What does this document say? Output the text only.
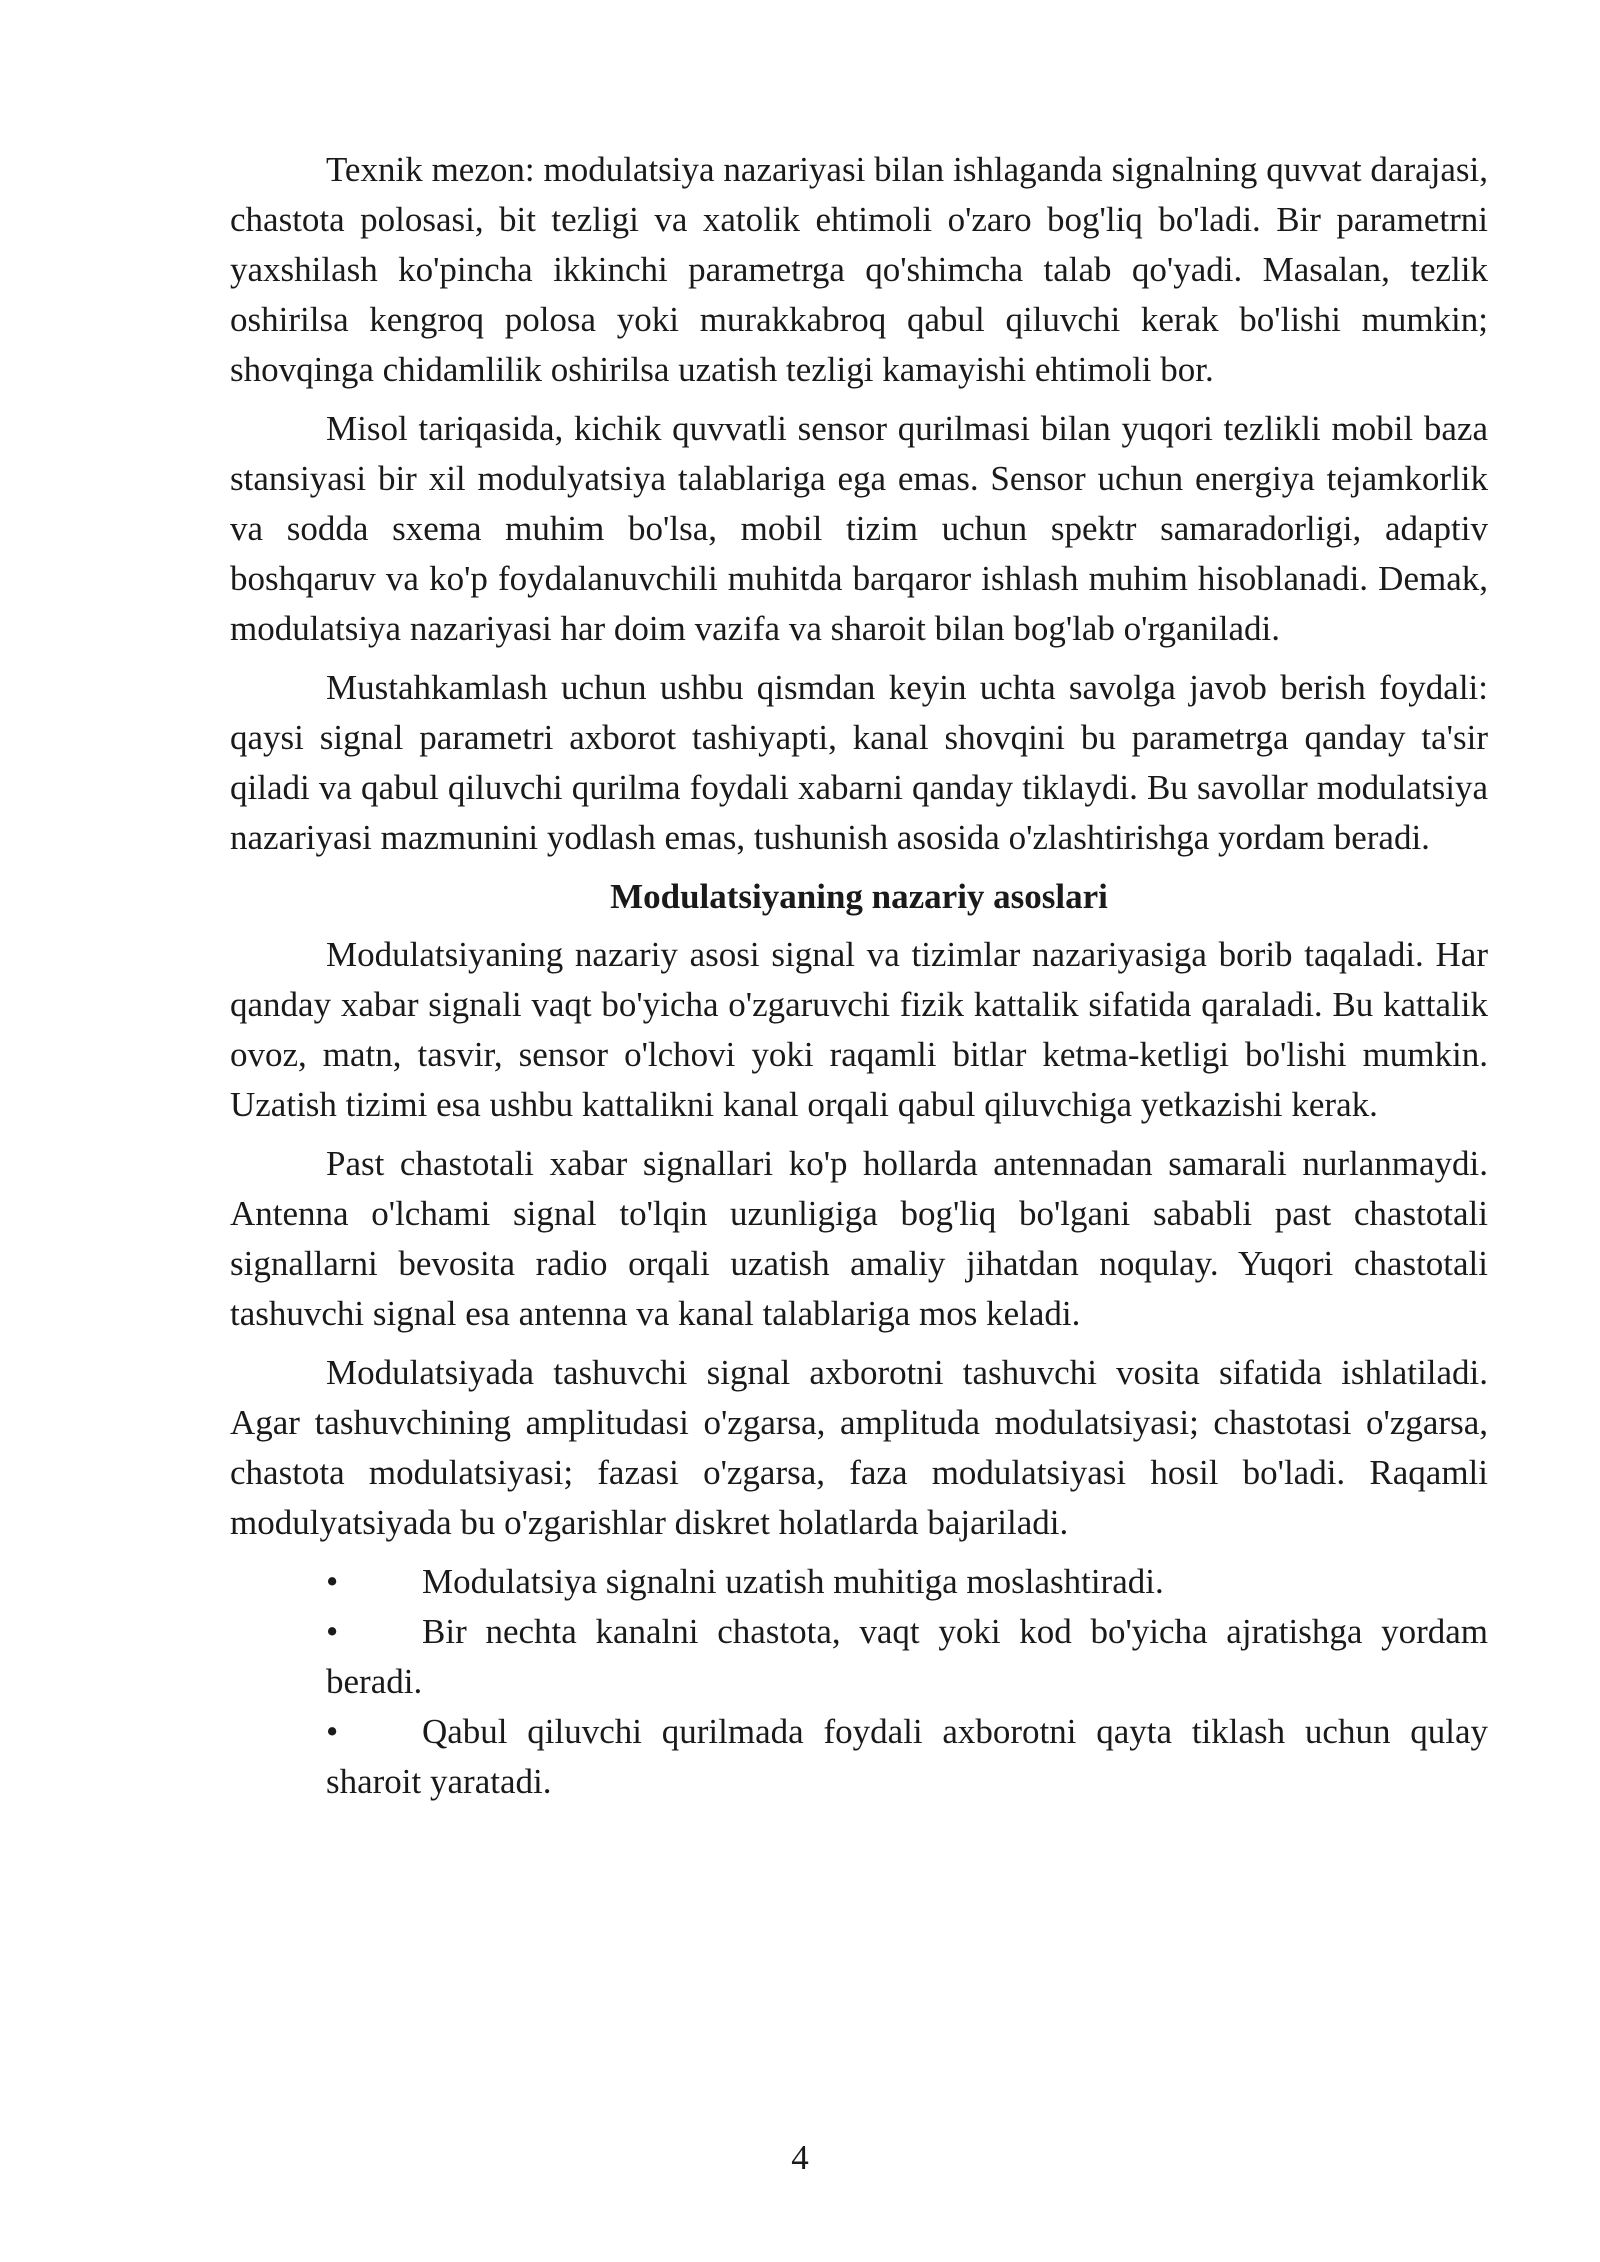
Texnik mezon: modulatsiya nazariyasi bilan ishlaganda signalning quvvat darajasi, chastota polosasi, bit tezligi va xatolik ehtimoli o'zaro bog'liq bo'ladi. Bir parametrni yaxshilash ko'pincha ikkinchi parametrga qo'shimcha talab qo'yadi. Masalan, tezlik oshirilsa kengroq polosa yoki murakkabroq qabul qiluvchi kerak bo'lishi mumkin; shovqinga chidamlilik oshirilsa uzatish tezligi kamayishi ehtimoli bor.

Misol tariqasida, kichik quvvatli sensor qurilmasi bilan yuqori tezlikli mobil baza stansiyasi bir xil modulyatsiya talablariga ega emas. Sensor uchun energiya tejamkorlik va sodda sxema muhim bo'lsa, mobil tizim uchun spektr samaradorligi, adaptiv boshqaruv va ko'p foydalanuvchili muhitda barqaror ishlash muhim hisoblanadi. Demak, modulatsiya nazariyasi har doim vazifa va sharoit bilan bog'lab o'rganiladi.

Mustahkamlash uchun ushbu qismdan keyin uchta savolga javob berish foydali: qaysi signal parametri axborot tashiyapti, kanal shovqini bu parametrga qanday ta'sir qiladi va qabul qiluvchi qurilma foydali xabarni qanday tiklaydi. Bu savollar modulatsiya nazariyasi mazmunini yodlash emas, tushunish asosida o'zlashtirishga yordam beradi.

Modulatsiyaning nazariy asoslari

Modulatsiyaning nazariy asosi signal va tizimlar nazariyasiga borib taqaladi. Har qanday xabar signali vaqt bo'yicha o'zgaruvchi fizik kattalik sifatida qaraladi. Bu kattalik ovoz, matn, tasvir, sensor o'lchovi yoki raqamli bitlar ketma-ketligi bo'lishi mumkin. Uzatish tizimi esa ushbu kattalikni kanal orqali qabul qiluvchiga yetkazishi kerak.

Past chastotali xabar signallari ko'p hollarda antennadan samarali nurlanmaydi. Antenna o'lchami signal to'lqin uzunligiga bog'liq bo'lgani sababli past chastotali signallarni bevosita radio orqali uzatish amaliy jihatdan noqulay. Yuqori chastotali tashuvchi signal esa antenna va kanal talablariga mos keladi.

Modulatsiyada tashuvchi signal axborotni tashuvchi vosita sifatida ishlatiladi. Agar tashuvchining amplitudasi o'zgarsa, amplituda modulatsiyasi; chastotasi o'zgarsa, chastota modulatsiyasi; fazasi o'zgarsa, faza modulatsiyasi hosil bo'ladi. Raqamli modulyatsiyada bu o'zgarishlar diskret holatlarda bajariladi.

•	Modulatsiya signalni uzatish muhitiga moslashtiradi.
•	Bir nechta kanalni chastota, vaqt yoki kod bo'yicha ajratishga yordam beradi.
•	Qabul qiluvchi qurilmada foydali axborotni qayta tiklash uchun qulay sharoit yaratadi.
4
